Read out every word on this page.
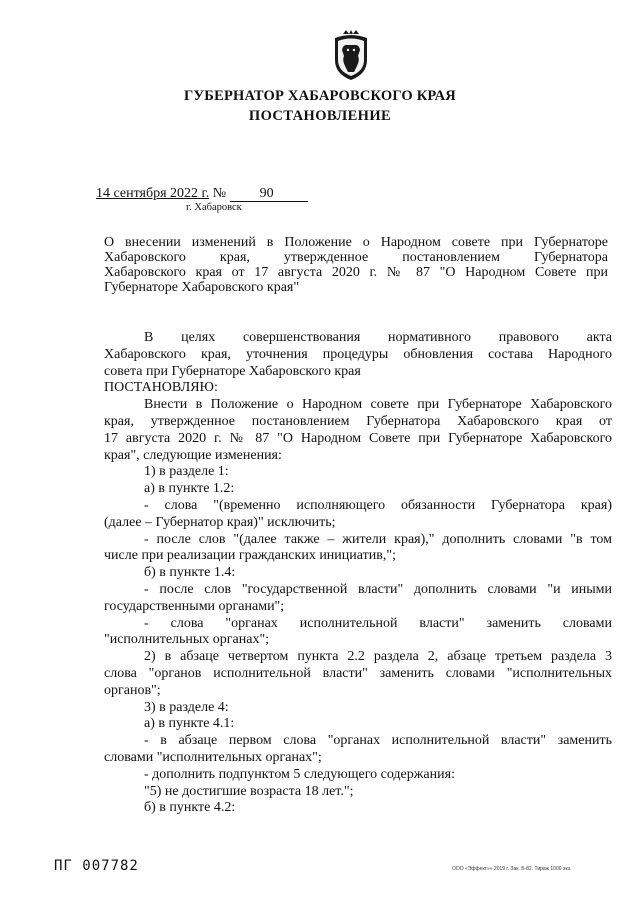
ГУБЕРНАТОР ХАБАРОВСКОГО КРАЯ
ПОСТАНОВЛЕНИЕ
14 сентября 2022 г. № 90
г. Хабаровск
О внесении изменений в Положение о Народном совете при Губернаторе
Хабаровского края, утвержденное постановлением Губернатора
Хабаровского края от 17 августа 2020 г. № 87 "О Народном Совете при
Губернаторе Хабаровского края"
В целях совершенствования нормативного правового акта
Хабаровского края, уточнения процедуры обновления состава Народного
совета при Губернаторе Хабаровского края
ПОСТАНОВЛЯЮ:
Внести в Положение о Народном совете при Губернаторе Хабаровского
края, утвержденное постановлением Губернатора Хабаровского края от
17 августа 2020 г. № 87 "О Народном Совете при Губернаторе Хабаровского
края", следующие изменения:
1) в разделе 1:
а) в пункте 1.2:
- слова "(временно исполняющего обязанности Губернатора края)
(далее – Губернатор края)" исключить;
- после слов "(далее также – жители края)," дополнить словами "в том
числе при реализации гражданских инициатив,";
б) в пункте 1.4:
- после слов "государственной власти" дополнить словами "и иными
государственными органами";
- слова "органах исполнительной власти" заменить словами
"исполнительных органах";
2) в абзаце четвертом пункта 2.2 раздела 2, абзаце третьем раздела 3
слова "органов исполнительной власти" заменить словами "исполнительных
органов";
3) в разделе 4:
а) в пункте 4.1:
- в абзаце первом слова "органах исполнительной власти" заменить
словами "исполнительных органах";
- дополнить подпунктом 5 следующего содержания:
"5) не достигшие возраста 18 лет.";
б) в пункте 4.2:
ПГ 007782	ООО «Эффект»» 2019 г. Зак. Б-82. Тираж 1000 экз.
